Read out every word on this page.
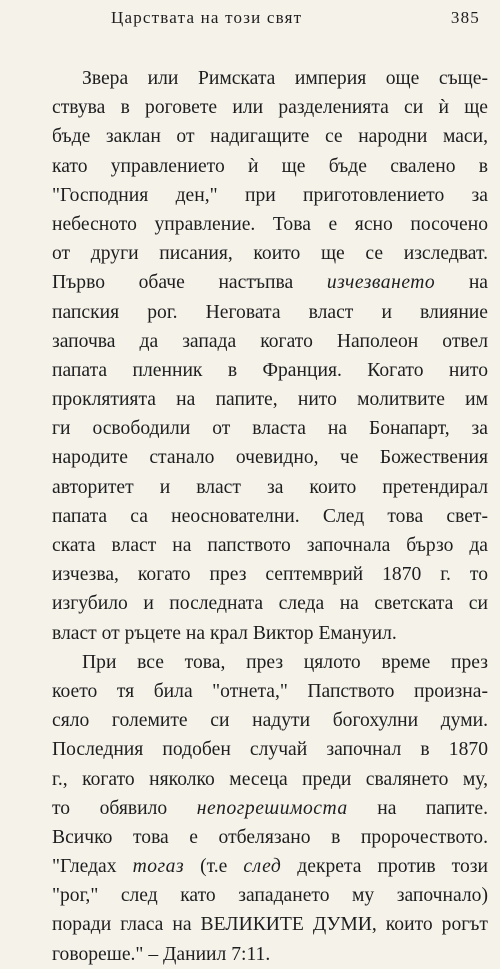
Царствата на този свят	385
Звера или Римската империя още съще-
ствува в роговете или разделенията си ѝ ще
бъде заклан от надигащите се народни маси,
като управлението ѝ ще бъде свалено в
"Господния ден," при приготовлението за
небесното управление. Това е ясно посочено
от други писания, които ще се изследват.
Първо обаче настъпва изчезването на
папския рог. Неговата власт и влияние
започва да запада когато Наполеон отвел
папата пленник в Франция. Когато нито
проклятията на папите, нито молитвите им
ги освободили от власта на Бонапарт, за
народите станало очевидно, че Божествения
авторитет и власт за които претендирал
папата са неоснователни. След това свет-
ската власт на папството започнала бързо да
изчезва, когато през септемврий 1870 г. то
изгубило и последната следа на светската си
власт от ръцете на крал Виктор Емануил.
При все това, през цялото време през
което тя била "отнета," Папството произна-
сяло големите си надути богохулни думи.
Последния подобен случай започнал в 1870
г., когато няколко месеца преди свалянето му,
то обявило непогрешимоста на папите.
Всичко това е отбелязано в пророчеството.
"Гледах тогаз (т.е след декрета против този
"рог," след като западането му започнало)
поради гласа на ВЕЛИКИТЕ ДУМИ, които рогът
говореше." – Даниил 7:11.
